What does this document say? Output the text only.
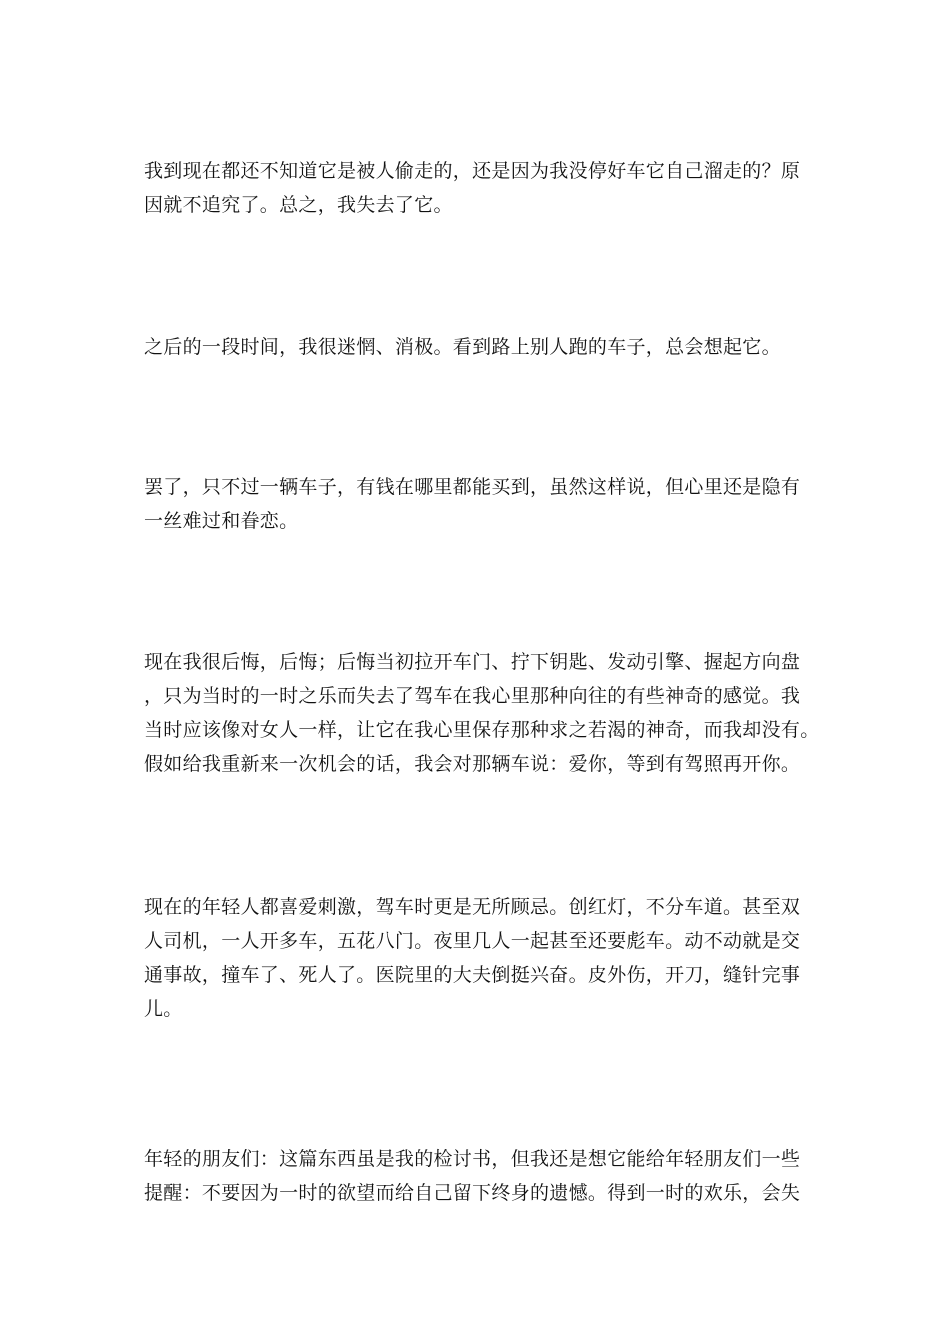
我到现在都还不知道它是被人偷走的，还是因为我没停好车它自己溜走的？原
因就不追究了。总之，我失去了它。

之后的一段时间，我很迷惘、消极。看到路上别人跑的车子，总会想起它。

罢了，只不过一辆车子，有钱在哪里都能买到，虽然这样说，但心里还是隐有
一丝难过和眷恋。

现在我很后悔，后悔；后悔当初拉开车门、拧下钥匙、发动引擎、握起方向盘
，只为当时的一时之乐而失去了驾车在我心里那种向往的有些神奇的感觉。我
当时应该像对女人一样，让它在我心里保存那种求之若渴的神奇，而我却没有。
假如给我重新来一次机会的话，我会对那辆车说：爱你，等到有驾照再开你。

现在的年轻人都喜爱刺激，驾车时更是无所顾忌。创红灯，不分车道。甚至双
人司机，一人开多车，五花八门。夜里几人一起甚至还要彪车。动不动就是交
通事故，撞车了、死人了。医院里的大夫倒挺兴奋。皮外伤，开刀，缝针完事
儿。

年轻的朋友们：这篇东西虽是我的检讨书，但我还是想它能给年轻朋友们一些
提醒：不要因为一时的欲望而给自己留下终身的遗憾。得到一时的欢乐，会失
